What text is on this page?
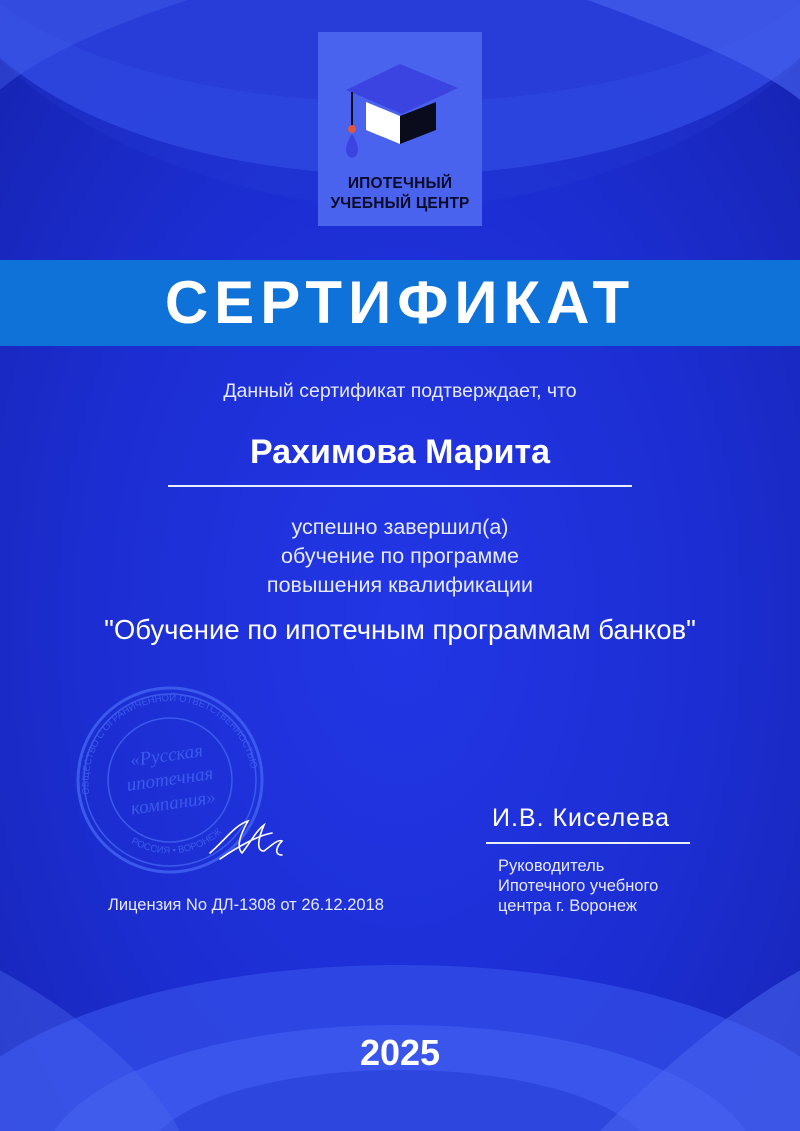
ИПОТЕЧНЫЙ
УЧЕБНЫЙ ЦЕНТР
СЕРТИФИКАТ
Данный сертификат подтверждает, что
Рахимова Марита
успешно завершил(а)
обучение по программе
повышения квалификации
"Обучение по ипотечным программам банков"
ОБЩЕСТВО С ОГРАНИЧЕННОЙ ОТВЕТСТВЕННОСТЬЮ
РОССИЯ • ВОРОНЕЖ
«Русская
ипотечная
компания»
Лицензия No ДЛ-1308 от 26.12.2018
И.В. Киселева
Руководитель
Ипотечного учебного
центра г. Воронеж
2025
